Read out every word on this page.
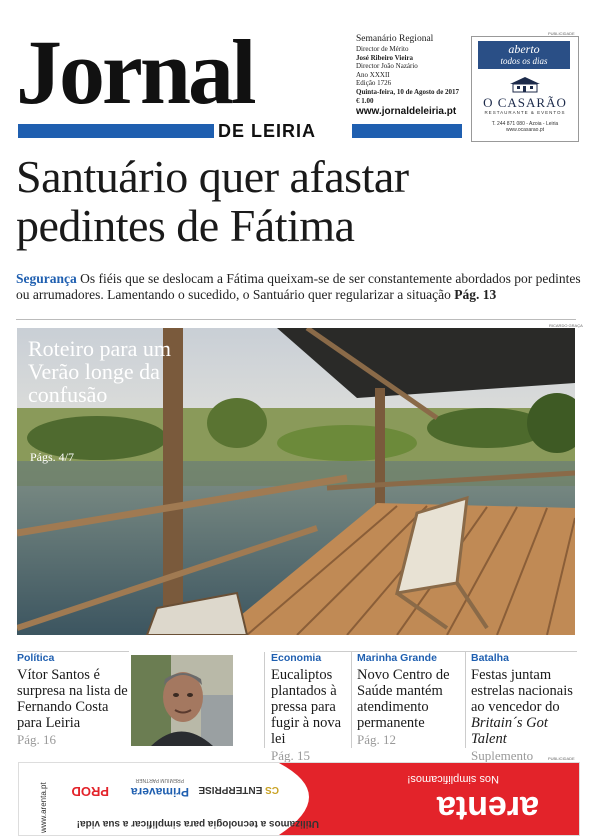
Jornal
DE LEIRIA
Semanário Regional
Director de Mérito
José Ribeiro Vieira
Director João Nazário
Ano XXXII
Edição 1726
Quinta-feira, 10 de Agosto de 2017
€ 1.00
www.jornaldeleiria.pt
PUBLICIDADE
aberto
todos os dias
O CASARÃO
RESTAURANTE & EVENTOS
T. 244 871 080 - Azoia - Leiria
www.ocasarao.pt
Santuário quer afastar
pedintes de Fátima
Segurança Os fiéis que se deslocam a Fátima queixam-se de ser constantemente abordados por pedintes ou arrumadores. Lamentando o sucedido, o Santuário quer regularizar a situação Pág. 13
RICARDO GRAÇA
Roteiro para um Verão longe da confusão
Págs. 4/7
Política
Vítor Santos é surpresa na lista de Fernando Costa para Leiria
Pág. 16
Economia
Eucaliptos plantados à pressa para fugir à nova lei
Pág. 15
Marinha Grande
Novo Centro de Saúde mantém atendimento permanente
Pág. 12
Batalha
Festas juntam estrelas nacionais ao vencedor do Britain´s Got Talent
Suplemento	PUBLICIDADE
arenta
Nos simplificamos!
Utilizamos a tecnologia para simplificar a sua vida!
CS ENTERPRISE
Primavera
PREMIUM PARTNER
PROD
www.arenta.pt
